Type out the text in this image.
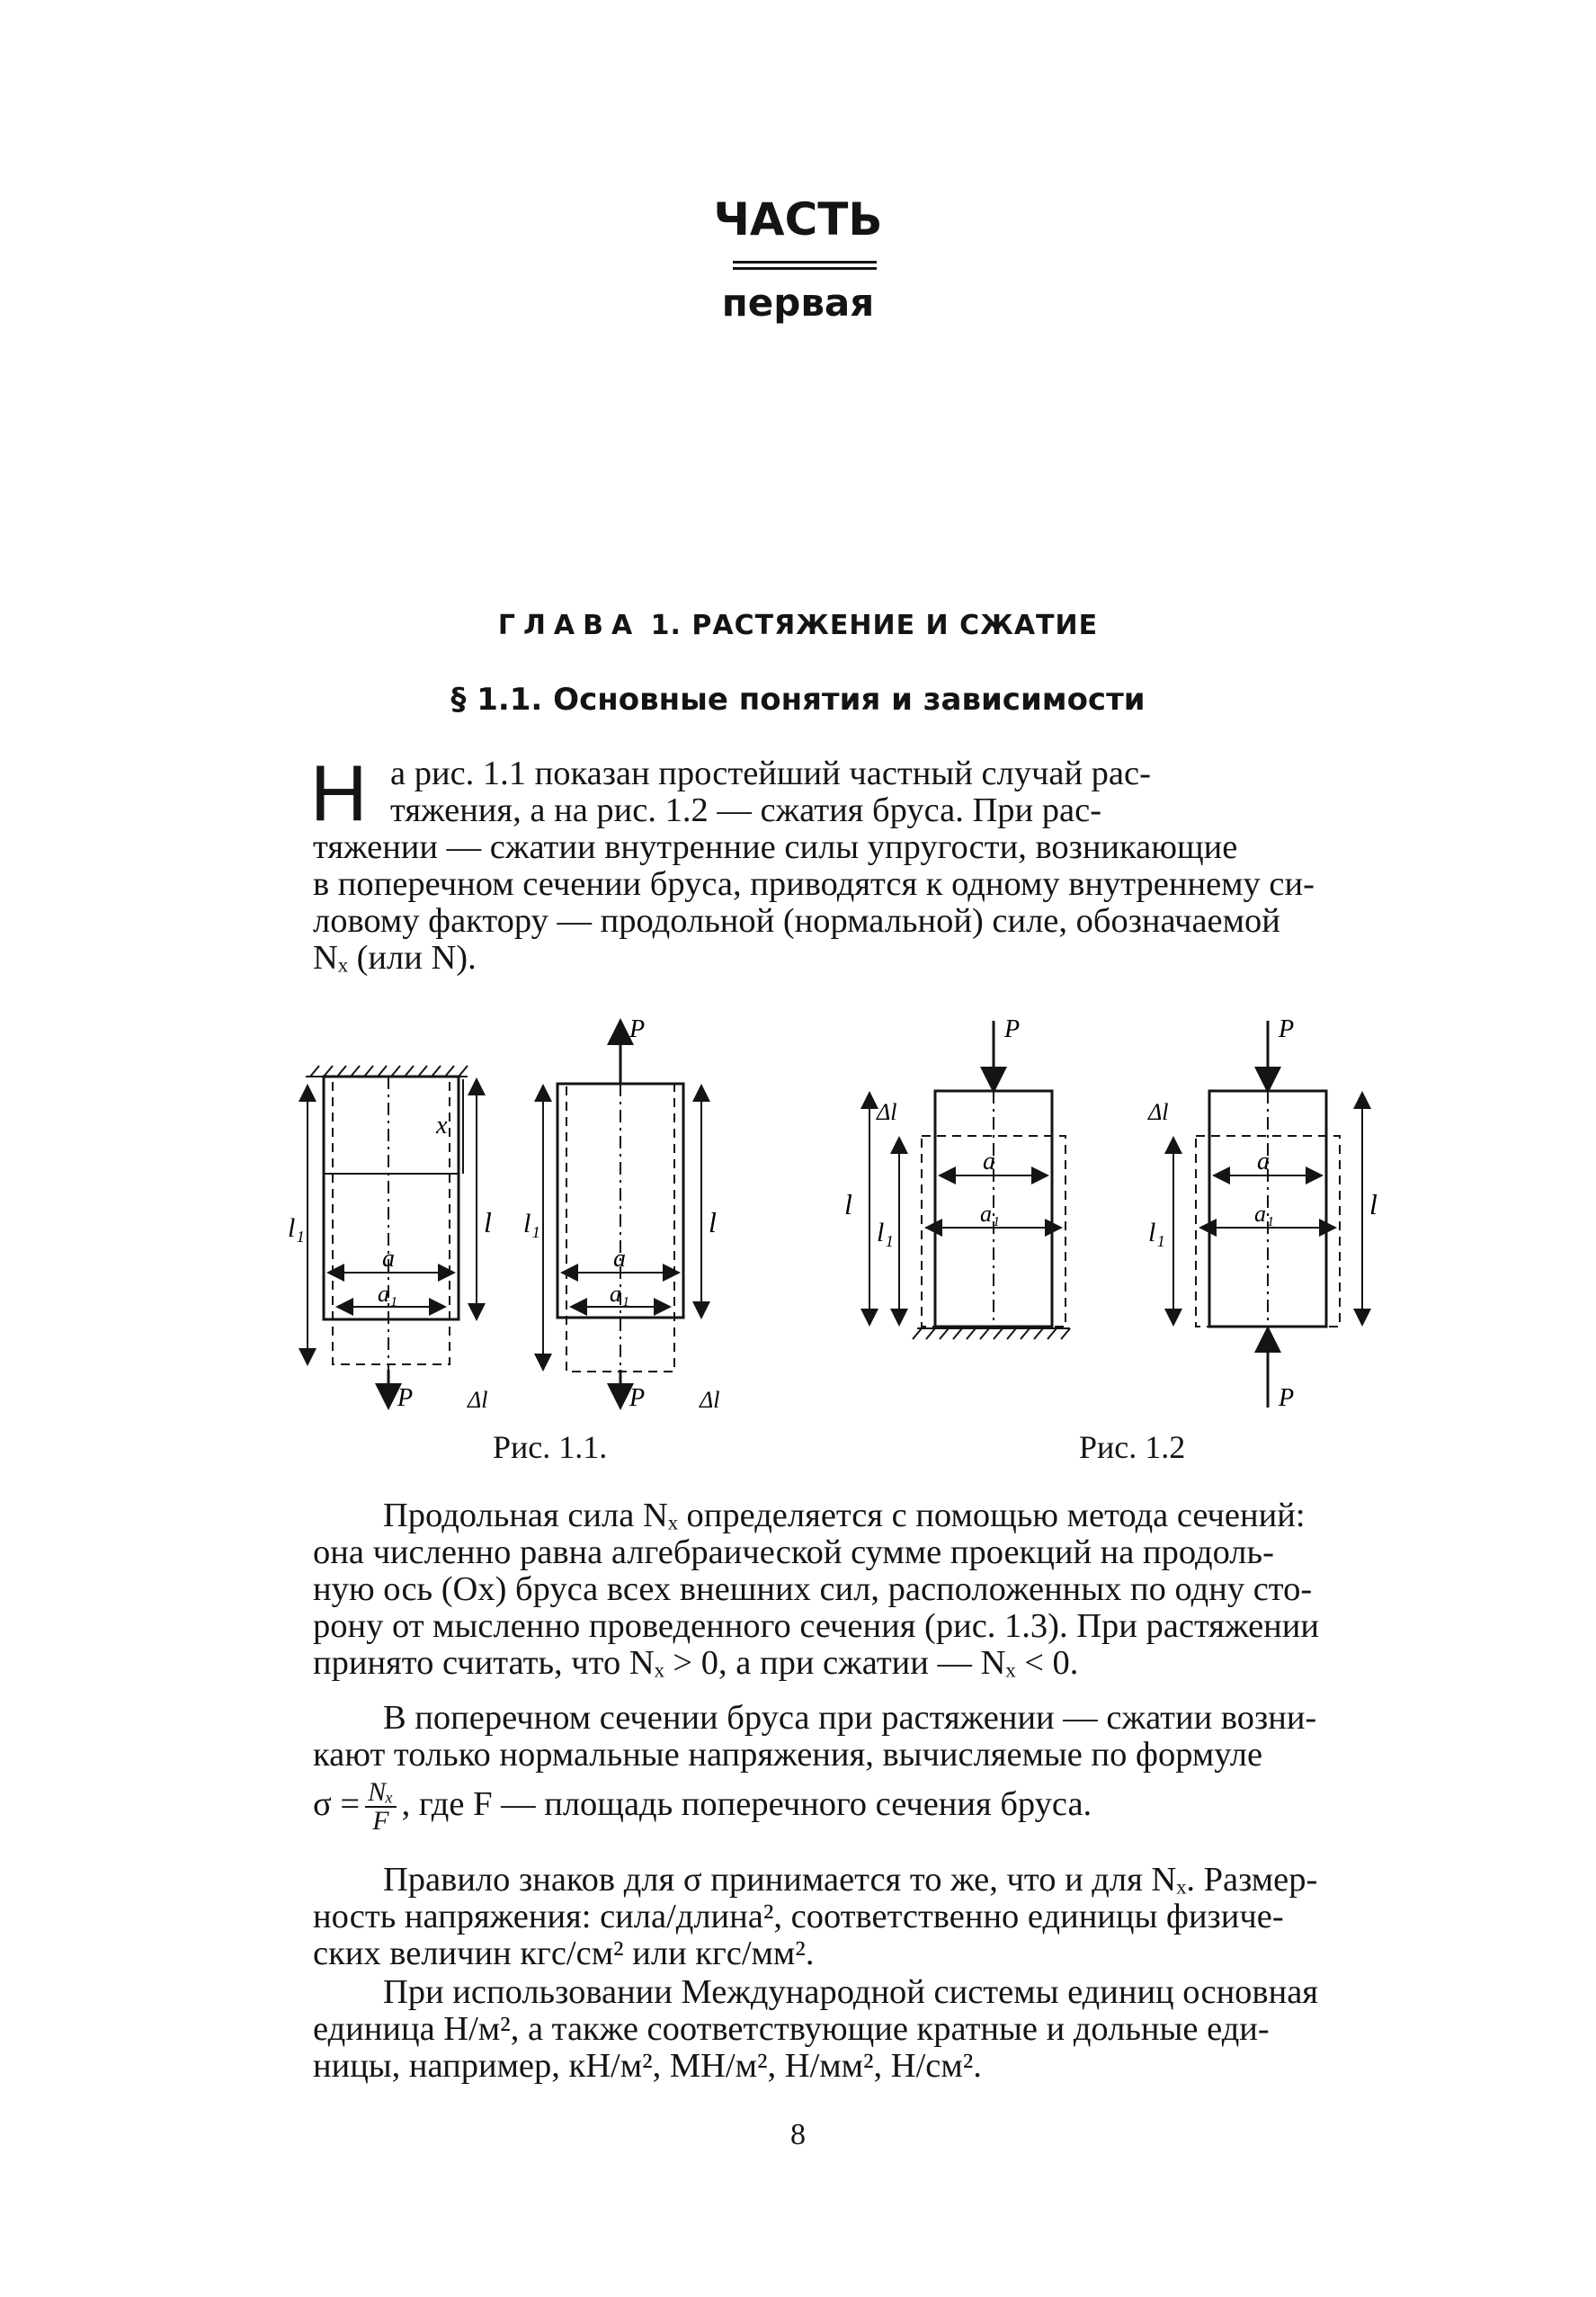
ЧАСТЬ
первая
ГЛАВА 1. РАСТЯЖЕНИЕ И СЖАТИЕ
§ 1.1. Основные понятия и зависимости
Н а рис. 1.1 показан простейший частный случай рас-
тяжения, а на рис. 1.2 — сжатия бруса. При рас-
тяжении — сжатии внутренние силы упругости, возникающие
в поперечном сечении бруса, приводятся к одному внутреннему си-
ловому фактору — продольной (нормальной) силе, обозначаемой
Nₓ (или N).
l₁	l
x
a
a₁
P Δl
P
l₁	l
a
a₁
P Δl
Рис. 1.1.
P
l
l₁
Δl
a
a₁
P
P
l₁
Δl
l
a
a₁
Рис. 1.2
Продольная сила Nₓ определяется с помощью метода сечений:
она численно равна алгебраической сумме проекций на продоль-
ную ось (Ox) бруса всех внешних сил, расположенных по одну сто-
рону от мысленно проведенного сечения (рис. 1.3). При растяжении
принято считать, что Nₓ > 0, а при сжатии — Nₓ < 0.
В поперечном сечении бруса при растяжении — сжатии возни-
кают только нормальные напряжения, вычисляемые по формуле
$\sigma = \frac{\text{Nₓ}}{F}$ , где F — площадь поперечного сечения бруса.
Правило знаков для σ принимается то же, что и для Nₓ. Размер-
ность напряжения: сила/длина², соответственно единицы физиче-
ских величин кгс/см² или кгс/мм².
При использовании Международной системы единиц основная
единица Н/м², а также соответствующие кратные и дольные еди-
ницы, например, кН/м², МН/м², Н/мм², Н/см².
8
